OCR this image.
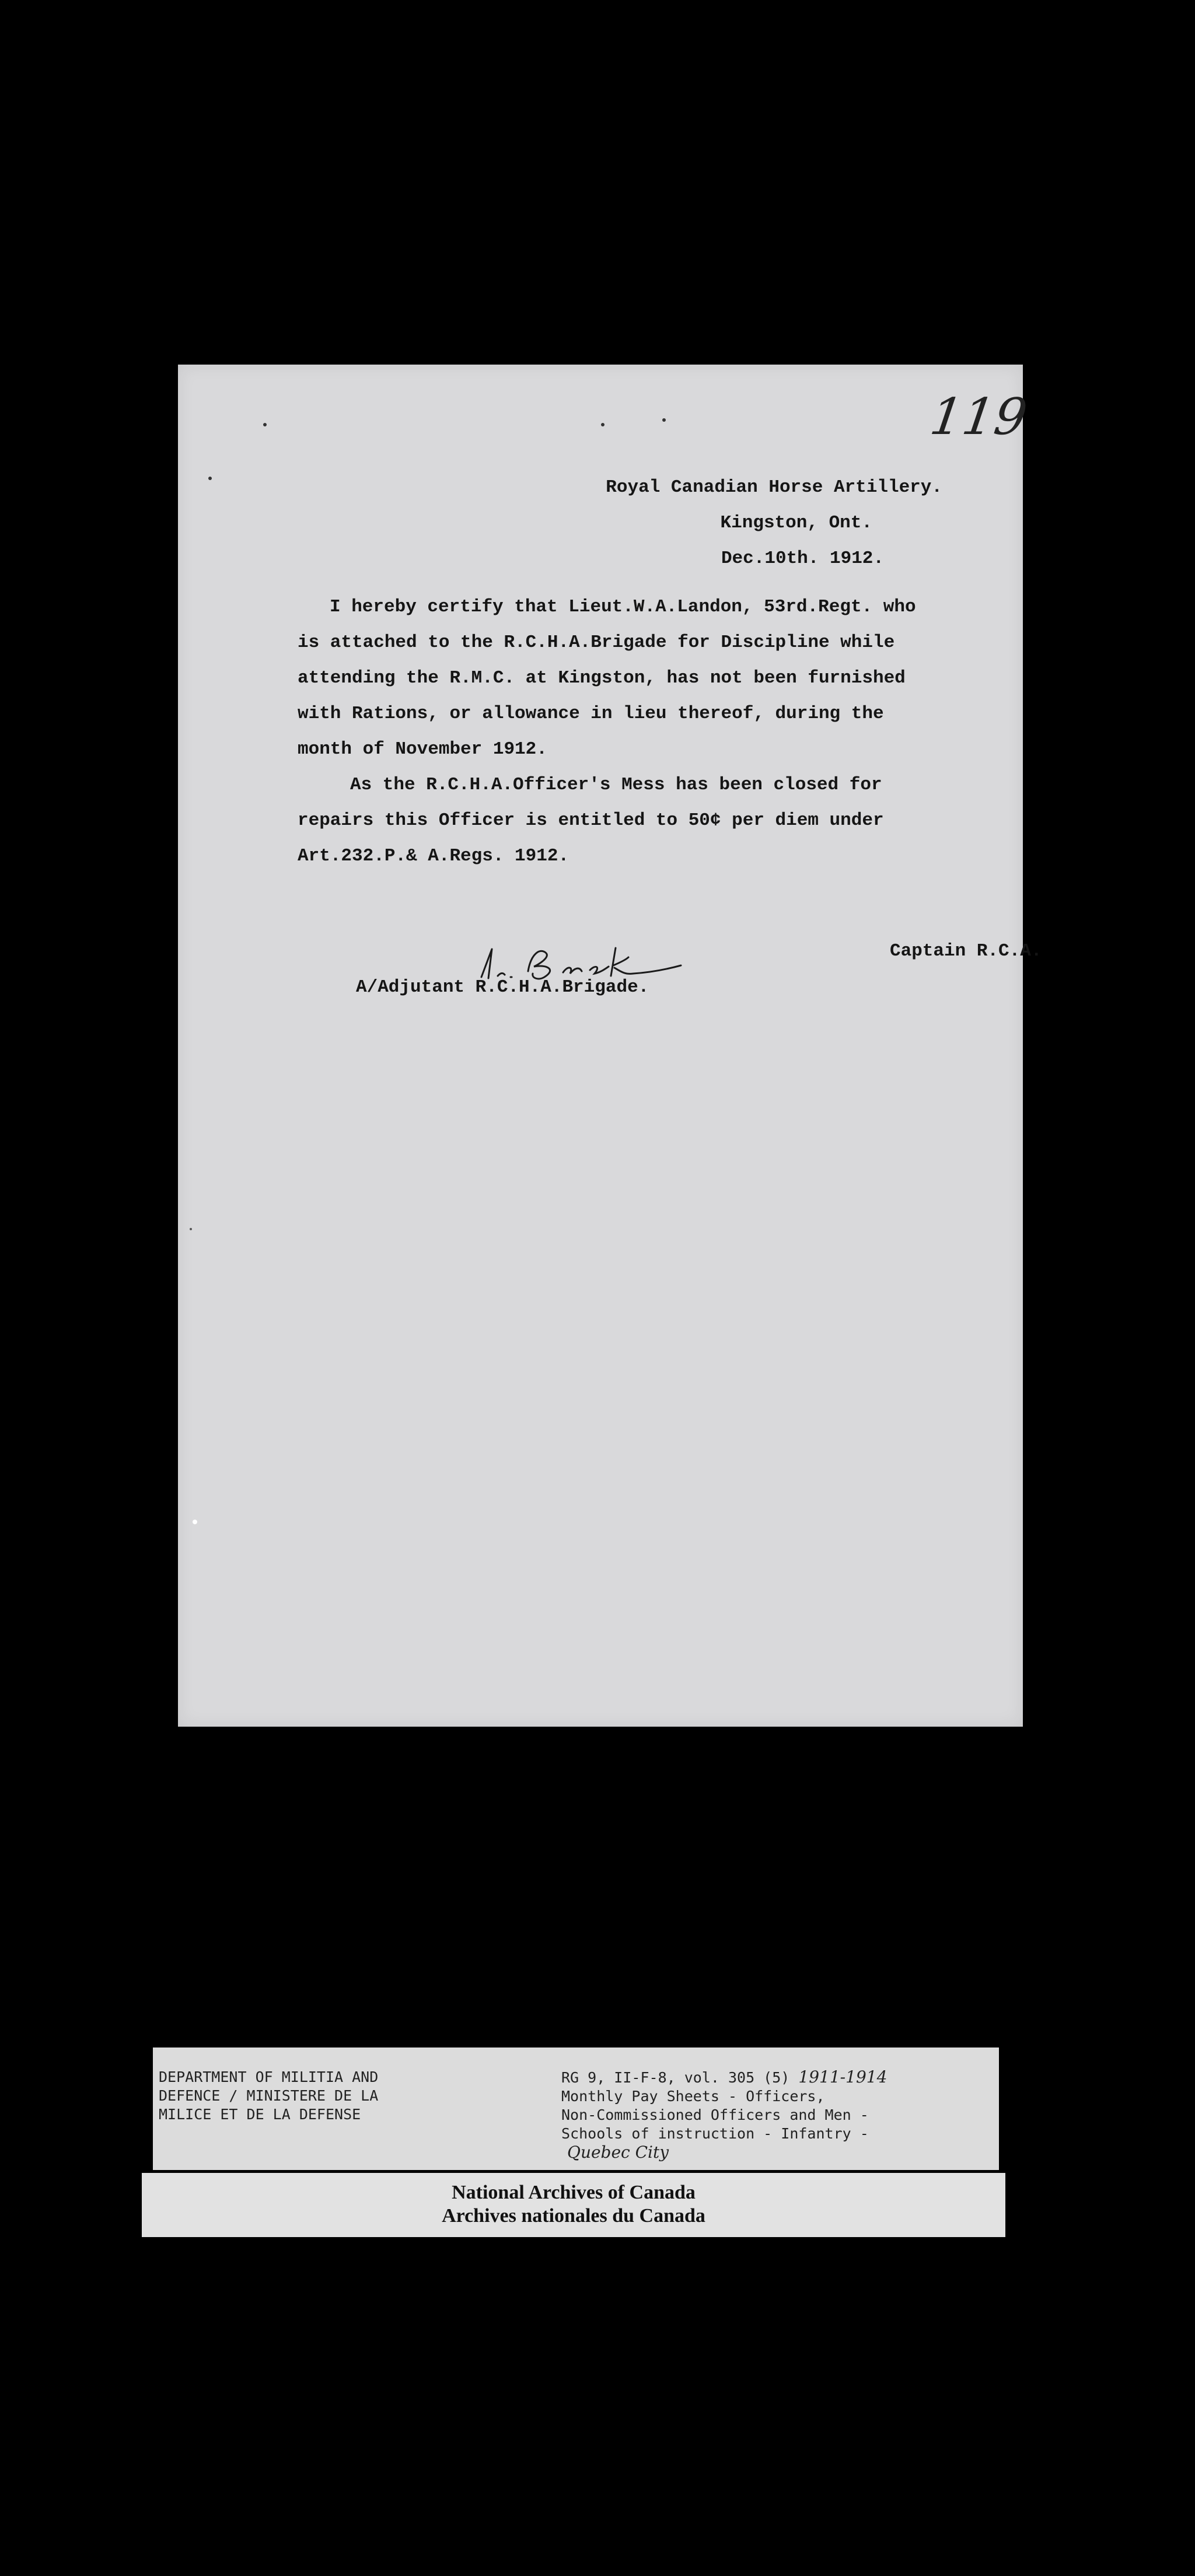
119
Royal Canadian Horse Artillery.
Kingston, Ont.
Dec.10th. 1912.

I hereby certify that Lieut.W.A.Landon, 53rd.Regt. who

is attached to the R.C.H.A.Brigade for Discipline while

attending the R.M.C. at Kingston, has not been furnished

with Rations, or allowance in lieu thereof, during the

month of November 1912.

As the R.C.H.A.Officer's Mess has been closed for

repairs this Officer is entitled to 50¢ per diem under

Art.232.P.& A.Regs. 1912.

Captain R.C.A.
A/Adjutant R.C.H.A.Brigade.
DEPARTMENT OF MILITIA AND
DEFENCE / MINISTERE DE LA
MILICE ET DE LA DEFENSE
RG 9, II-F-8, vol. 305 (5) 1911-1914
Monthly Pay Sheets - Officers,
Non-Commissioned Officers and Men -
Schools of instruction - Infantry -
Quebec City
National Archives of Canada
Archives nationales du Canada
